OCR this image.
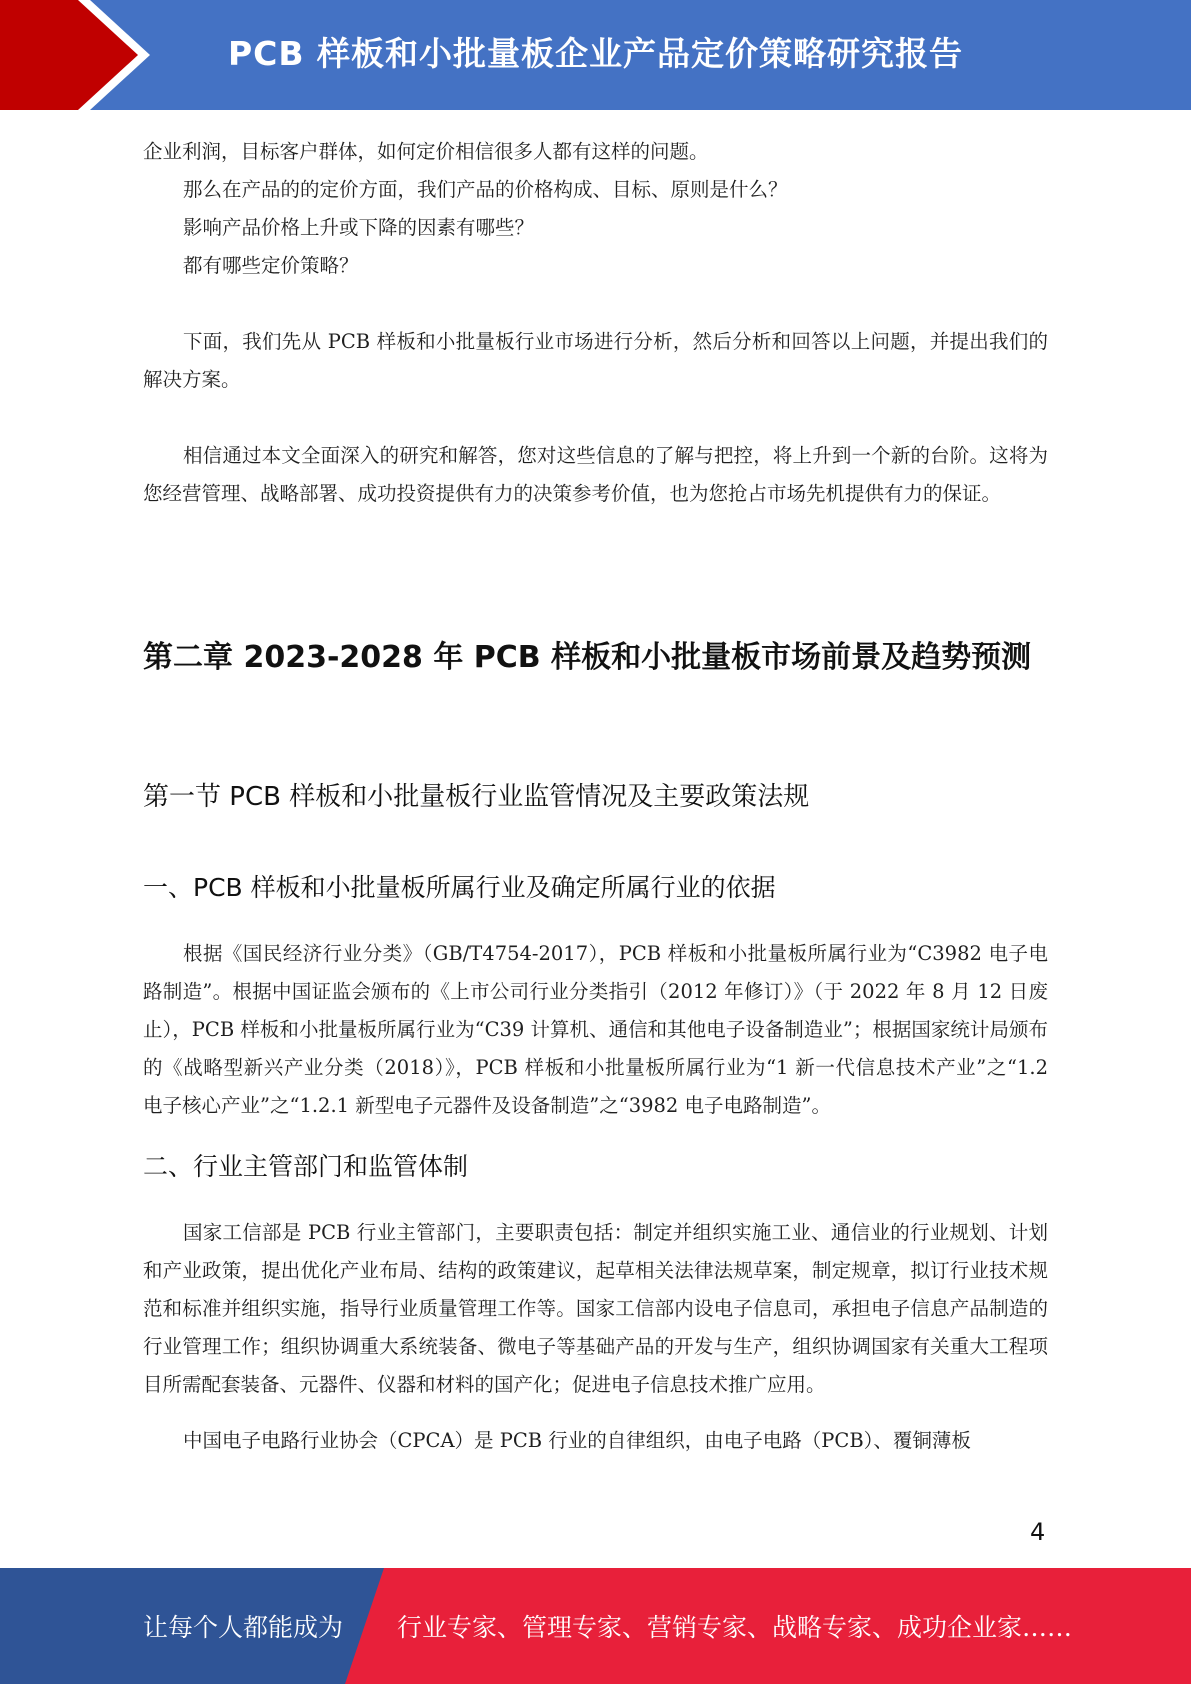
PCB 样板和小批量板企业产品定价策略研究报告

企业利润，目标客户群体，如何定价相信很多人都有这样的问题。

那么在产品的的定价方面，我们产品的价格构成、目标、原则是什么？

影响产品价格上升或下降的因素有哪些？

都有哪些定价策略？

下面，我们先从 PCB 样板和小批量板行业市场进行分析，然后分析和回答以上问题，并提出我们的解决方案。

相信通过本文全面深入的研究和解答，您对这些信息的了解与把控，将上升到一个新的台阶。这将为您经营管理、战略部署、成功投资提供有力的决策参考价值，也为您抢占市场先机提供有力的保证。

第二章 2023-2028 年 PCB 样板和小批量板市场前景及趋势预测
第一节 PCB 样板和小批量板行业监管情况及主要政策法规
一、PCB 样板和小批量板所属行业及确定所属行业的依据

根据《国民经济行业分类》（GB/T4754-2017），PCB 样板和小批量板所属行业为“C3982 电子电路制造”。根据中国证监会颁布的《上市公司行业分类指引（2012 年修订）》（于 2022 年 8 月 12 日废止），PCB 样板和小批量板所属行业为“C39 计算机、通信和其他电子设备制造业”；根据国家统计局颁布的《战略型新兴产业分类（2018）》，PCB 样板和小批量板所属行业为“1 新一代信息技术产业”之“1.2 电子核心产业”之“1.2.1 新型电子元器件及设备制造”之“3982 电子电路制造”。

二、行业主管部门和监管体制

国家工信部是 PCB 行业主管部门，主要职责包括：制定并组织实施工业、通信业的行业规划、计划和产业政策，提出优化产业布局、结构的政策建议，起草相关法律法规草案，制定规章，拟订行业技术规范和标准并组织实施，指导行业质量管理工作等。国家工信部内设电子信息司，承担电子信息产品制造的行业管理工作；组织协调重大系统装备、微电子等基础产品的开发与生产，组织协调国家有关重大工程项目所需配套装备、元器件、仪器和材料的国产化；促进电子信息技术推广应用。

中国电子电路行业协会（CPCA）是 PCB 行业的自律组织，由电子电路（PCB）、覆铜薄板

4
让每个人都能成为 行业专家、管理专家、营销专家、战略专家、成功企业家……
